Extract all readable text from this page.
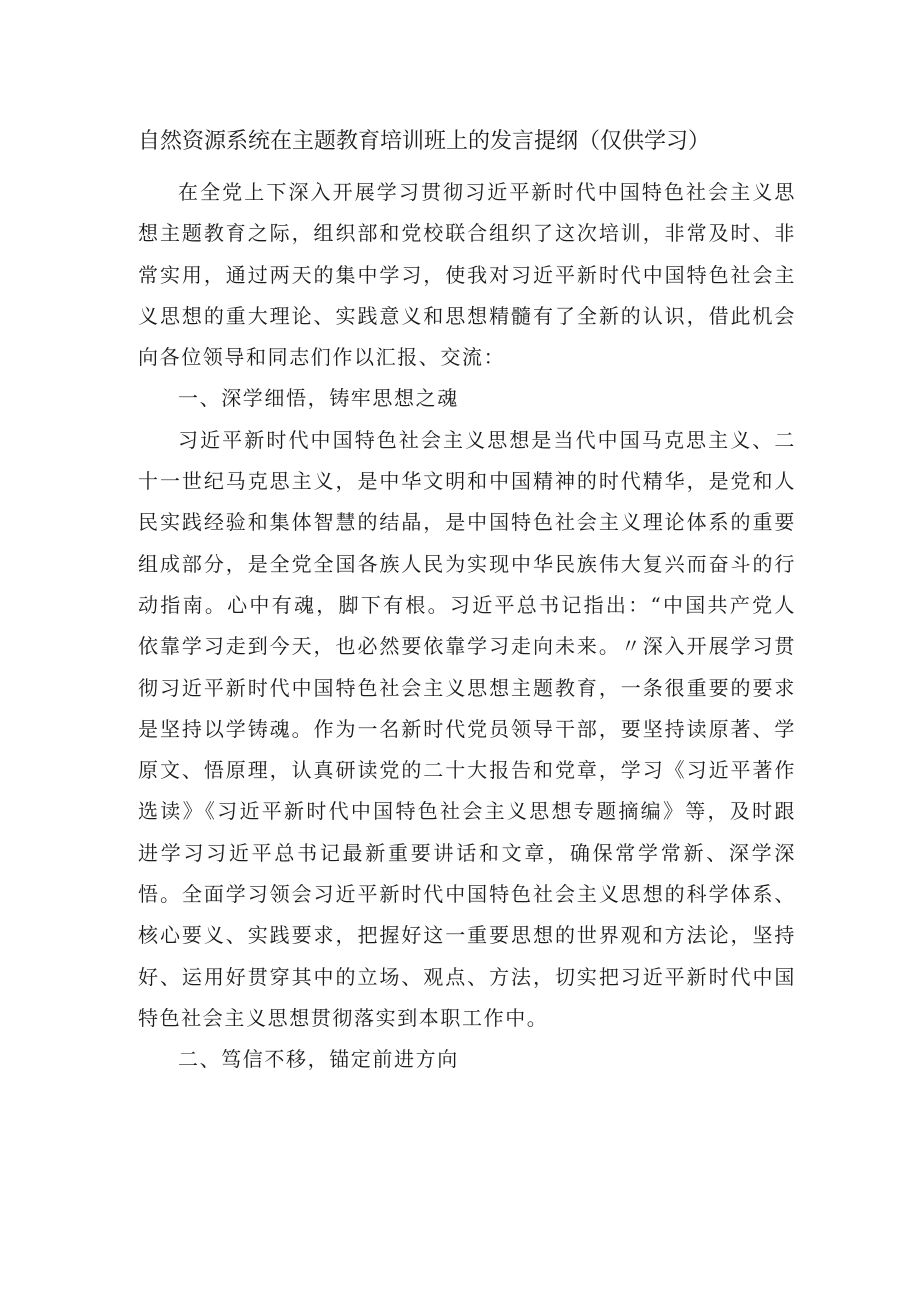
自然资源系统在主题教育培训班上的发言提纲（仅供学习）

在全党上下深入开展学习贯彻习近平新时代中国特色社会主义思想主题教育之际，组织部和党校联合组织了这次培训，非常及时、非常实用，通过两天的集中学习，使我对习近平新时代中国特色社会主义思想的重大理论、实践意义和思想精髓有了全新的认识，借此机会向各位领导和同志们作以汇报、交流：

一、深学细悟，铸牢思想之魂

习近平新时代中国特色社会主义思想是当代中国马克思主义、二十一世纪马克思主义，是中华文明和中国精神的时代精华，是党和人民实践经验和集体智慧的结晶，是中国特色社会主义理论体系的重要组成部分，是全党全国各族人民为实现中华民族伟大复兴而奋斗的行动指南。心中有魂，脚下有根。习近平总书记指出：“中国共产党人依靠学习走到今天，也必然要依靠学习走向未来。〃深入开展学习贯彻习近平新时代中国特色社会主义思想主题教育，一条很重要的要求是坚持以学铸魂。作为一名新时代党员领导干部，要坚持读原著、学原文、悟原理，认真研读党的二十大报告和党章，学习《习近平著作选读》《习近平新时代中国特色社会主义思想专题摘编》等，及时跟进学习习近平总书记最新重要讲话和文章，确保常学常新、深学深悟。全面学习领会习近平新时代中国特色社会主义思想的科学体系、核心要义、实践要求，把握好这一重要思想的世界观和方法论，坚持好、运用好贯穿其中的立场、观点、方法，切实把习近平新时代中国特色社会主义思想贯彻落实到本职工作中。

二、笃信不移，锚定前进方向
